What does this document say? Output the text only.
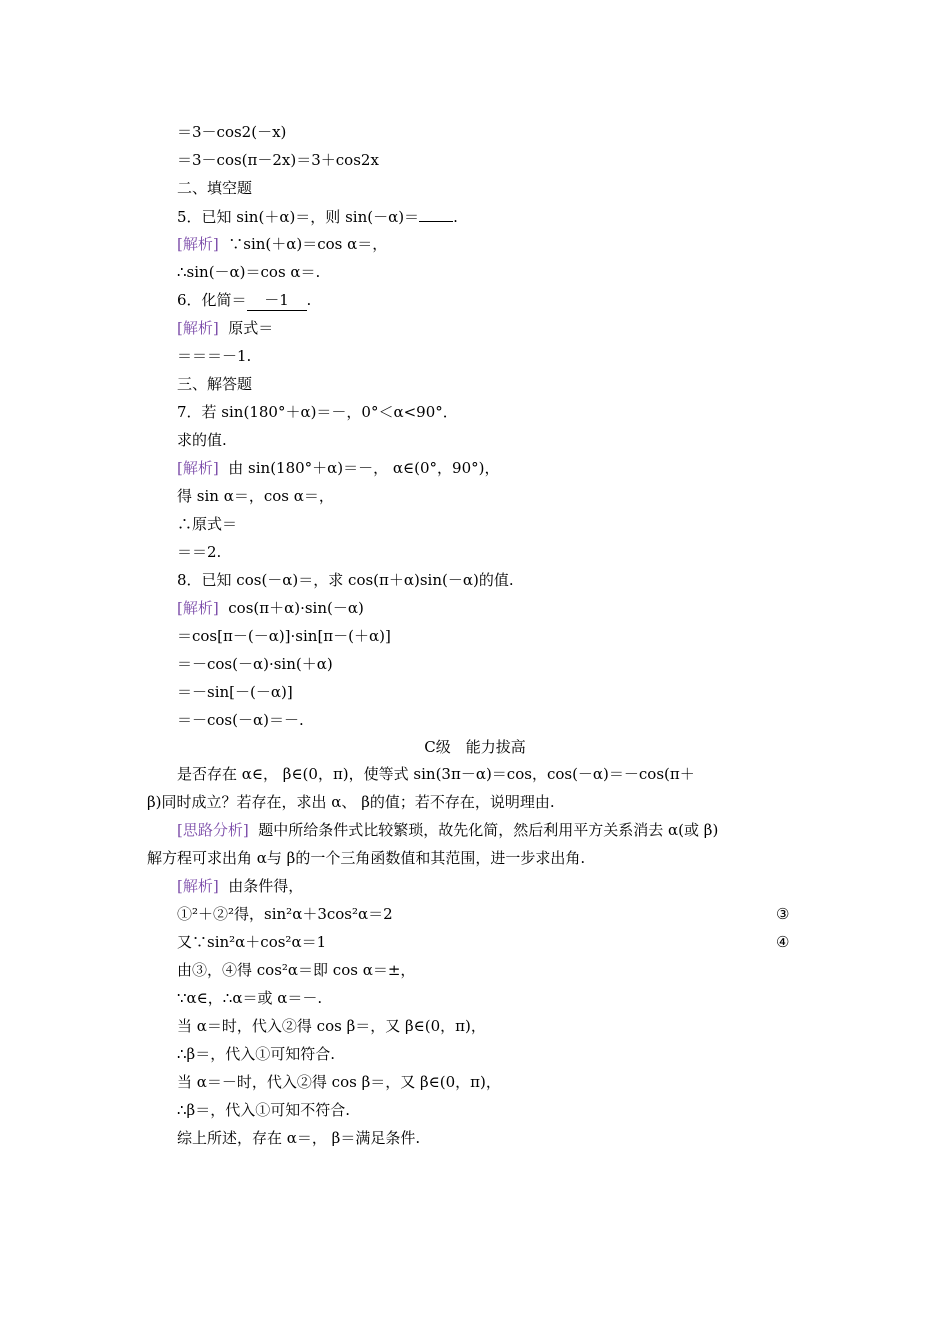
＝3－cos2(－x)
＝3－cos(π－2x)＝3＋cos2x
二、填空题
5．已知 sin(＋α)＝，则 sin(－α)＝ .
[解析] ∵sin(＋α)＝cos α＝，
∴sin(－α)＝cos α＝.
6．化简＝ －1 .
[解析] 原式＝
＝＝＝－1.
三、解答题
7．若 sin(180°＋α)＝－，0°＜α<90°．
求的值.
[解析] 由 sin(180°＋α)＝－， α∈(0°，90°)，
得 sin α＝，cos α＝，
∴原式＝
＝＝2.
8．已知 cos(－α)＝，求 cos(π＋α)sin(－α)的值.
[解析] cos(π＋α)·sin(－α)
＝cos[π－(－α)]·sin[π－(＋α)]
＝－cos(－α)·sin(＋α)
＝－sin[－(－α)]
＝－cos(－α)＝－.
C级　能力拔高
是否存在 α∈， β∈(0，π)，使等式 sin(3π－α)＝cos，cos(－α)＝－cos(π＋
β)同时成立？若存在，求出 α、 β的值；若不存在，说明理由.
[思路分析] 题中所给条件式比较繁琐，故先化简，然后利用平方关系消去 α(或 β)
解方程可求出角 α与 β的一个三角函数值和其范围，进一步求出角.
[解析] 由条件得，
①²＋②²得，sin²α＋3cos²α＝2	③
又∵sin²α＋cos²α＝1	④
由③，④得 cos²α＝即 cos α＝±，
∵α∈，∴α＝或 α＝－.
当 α＝时，代入②得 cos β＝，又 β∈(0，π)，
∴β＝，代入①可知符合.
当 α＝－时，代入②得 cos β＝，又 β∈(0，π)，
∴β＝，代入①可知不符合.
综上所述，存在 α＝， β＝满足条件.
